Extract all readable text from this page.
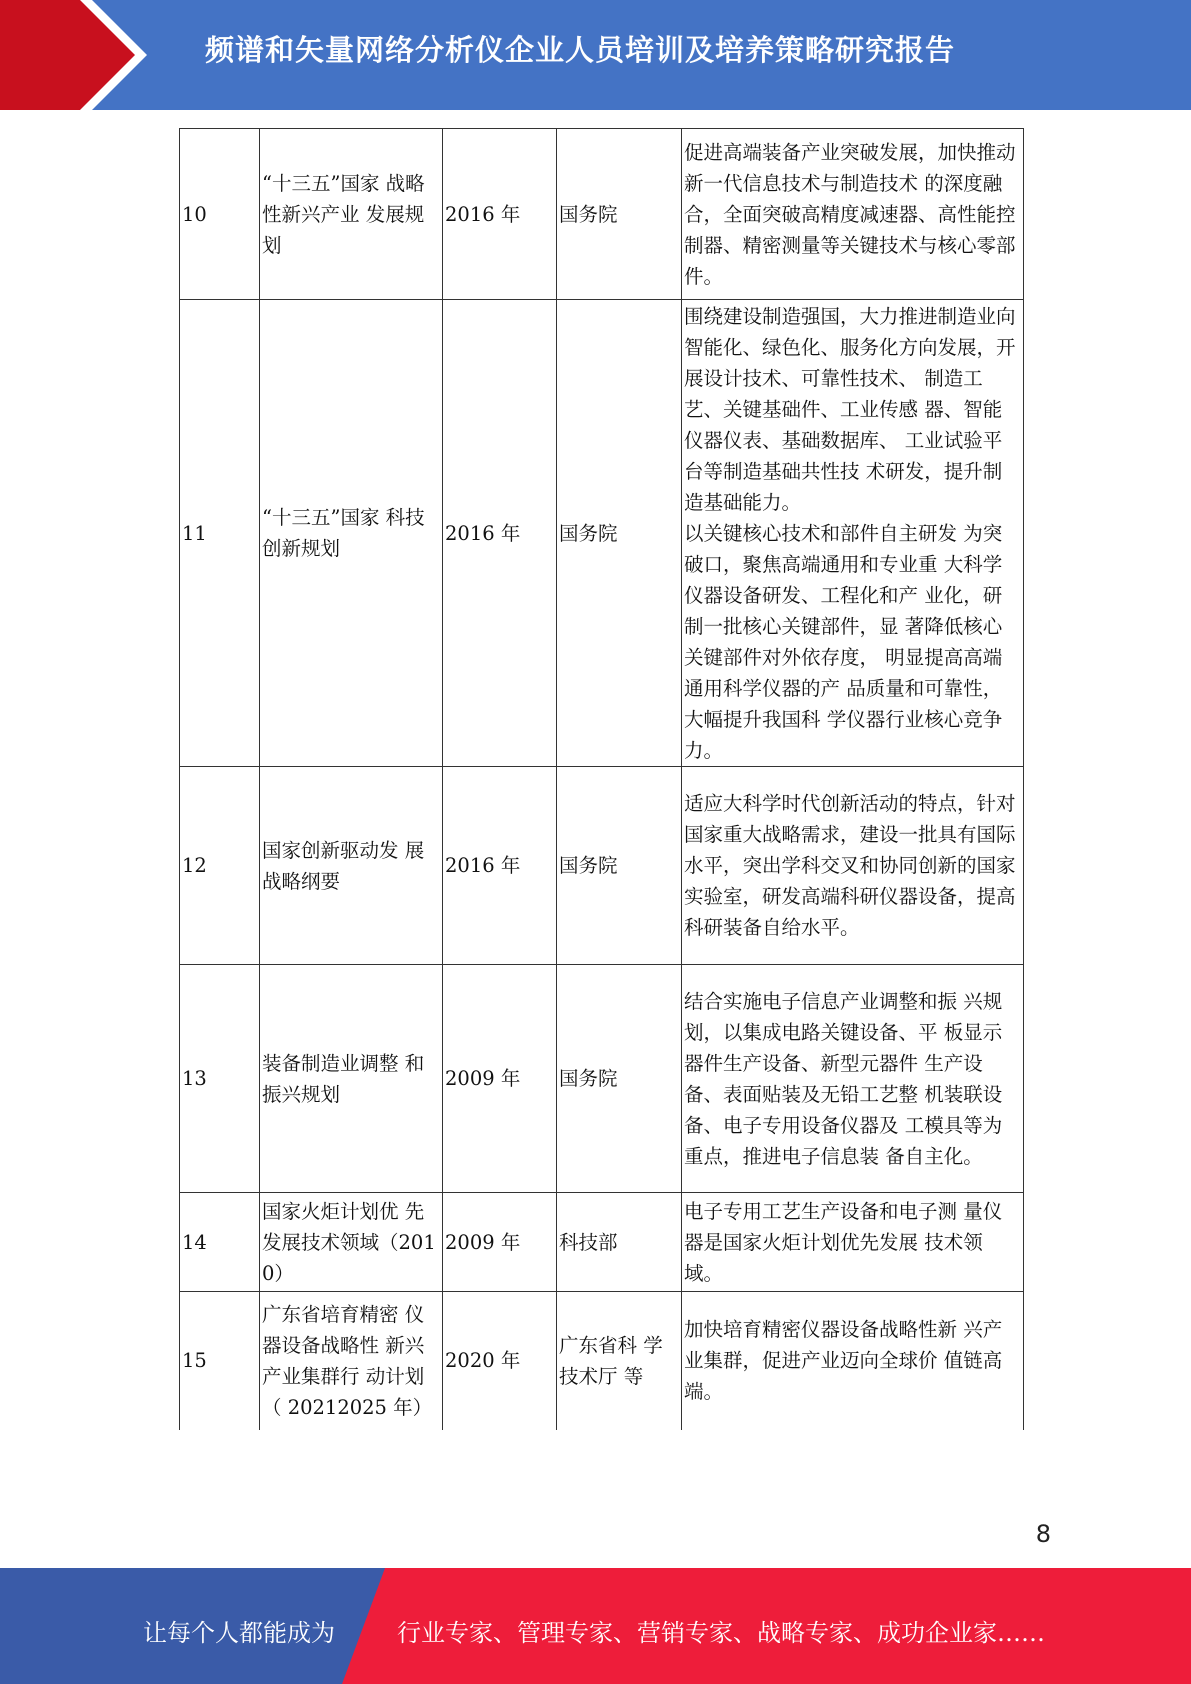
频谱和矢量网络分析仪企业人员培训及培养策略研究报告
10	“十三五”国家 战略性新兴产业 发展规划	2016 年	国务院	促进高端装备产业突破发展，加快推动新一代信息技术与制造技术 的深度融合，全面突破高精度减速器、高性能控制器、精密测量等关键技术与核心零部件。
11	“十三五”国家 科技创新规划	2016 年	国务院	围绕建设制造强国，大力推进制造业向智能化、绿色化、服务化方向发展，开展设计技术、可靠性技术、 制造工艺、关键基础件、工业传感 器、智能仪器仪表、基础数据库、 工业试验平台等制造基础共性技 术研发，提升制造基础能力。
以关键核心技术和部件自主研发 为突破口，聚焦高端通用和专业重 大科学仪器设备研发、工程化和产 业化，研制一批核心关键部件，显 著降低核心关键部件对外依存度， 明显提高高端通用科学仪器的产 品质量和可靠性，大幅提升我国科 学仪器行业核心竞争力。

12	国家创新驱动发 展战略纲要	2016 年	国务院	适应大科学时代创新活动的特点，针对国家重大战略需求，建设一批具有国际水平，突出学科交叉和协同创新的国家实验室，研发高端科研仪器设备，提高科研装备自给水平。
13	装备制造业调整 和振兴规划	2009 年	国务院	结合实施电子信息产业调整和振 兴规划，以集成电路关键设备、平 板显示器件生产设备、新型元器件 生产设备、表面贴装及无铅工艺整 机装联设备、电子专用设备仪器及 工模具等为重点，推进电子信息装 备自主化。
14	国家火炬计划优 先发展技术领域（2010）	2009 年	科技部	电子专用工艺生产设备和电子测 量仪器是国家火炬计划优先发展 技术领域。
15	广东省培育精密 仪器设备战略性 新兴产业集群行 动计划（ 20212025 年）	2020 年	广东省科 学技术厅 等	加快培育精密仪器设备战略性新 兴产业集群，促进产业迈向全球价 值链高端。
8
让每个人都能成为	行业专家、管理专家、营销专家、战略专家、成功企业家……
